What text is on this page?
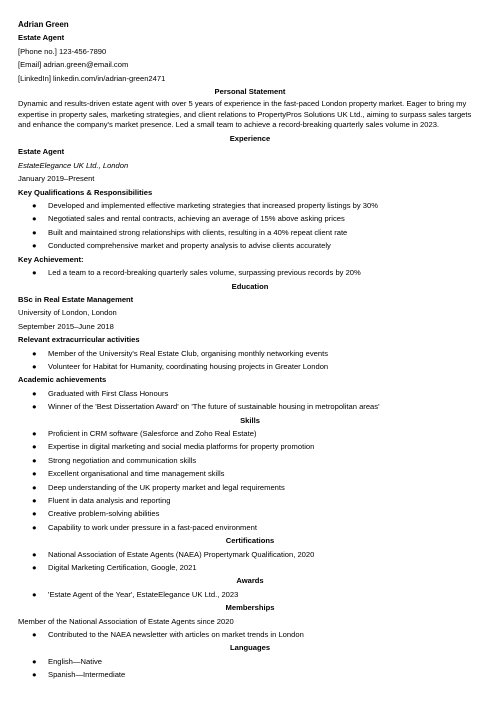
Adrian Green
Estate Agent
[Phone no.] 123-456-7890
[Email] adrian.green@email.com
[LinkedIn] linkedin.com/in/adrian-green2471
Personal Statement
Dynamic and results-driven estate agent with over 5 years of experience in the fast-paced London property market. Eager to bring my expertise in property sales, marketing strategies, and client relations to PropertyPros Solutions UK Ltd., aiming to surpass sales targets and enhance the company's market presence. Led a small team to achieve a record-breaking quarterly sales volume in 2023.
Experience
Estate Agent
EstateElegance UK Ltd., London
January 2019–Present
Key Qualifications & Responsibilities
● Developed and implemented effective marketing strategies that increased property listings by 30%
● Negotiated sales and rental contracts, achieving an average of 15% above asking prices
● Built and maintained strong relationships with clients, resulting in a 40% repeat client rate
● Conducted comprehensive market and property analysis to advise clients accurately
Key Achievement:
● Led a team to a record-breaking quarterly sales volume, surpassing previous records by 20%
Education
BSc in Real Estate Management
University of London, London
September 2015–June 2018
Relevant extracurricular activities
● Member of the University's Real Estate Club, organising monthly networking events
● Volunteer for Habitat for Humanity, coordinating housing projects in Greater London
Academic achievements
● Graduated with First Class Honours
● Winner of the 'Best Dissertation Award' on 'The future of sustainable housing in metropolitan areas'
Skills
● Proficient in CRM software (Salesforce and Zoho Real Estate)
● Expertise in digital marketing and social media platforms for property promotion
● Strong negotiation and communication skills
● Excellent organisational and time management skills
● Deep understanding of the UK property market and legal requirements
● Fluent in data analysis and reporting
● Creative problem-solving abilities
● Capability to work under pressure in a fast-paced environment
Certifications
● National Association of Estate Agents (NAEA) Propertymark Qualification, 2020
● Digital Marketing Certification, Google, 2021
Awards
● 'Estate Agent of the Year', EstateElegance UK Ltd., 2023
Memberships
Member of the National Association of Estate Agents since 2020
● Contributed to the NAEA newsletter with articles on market trends in London
Languages
● English—Native
● Spanish—Intermediate
